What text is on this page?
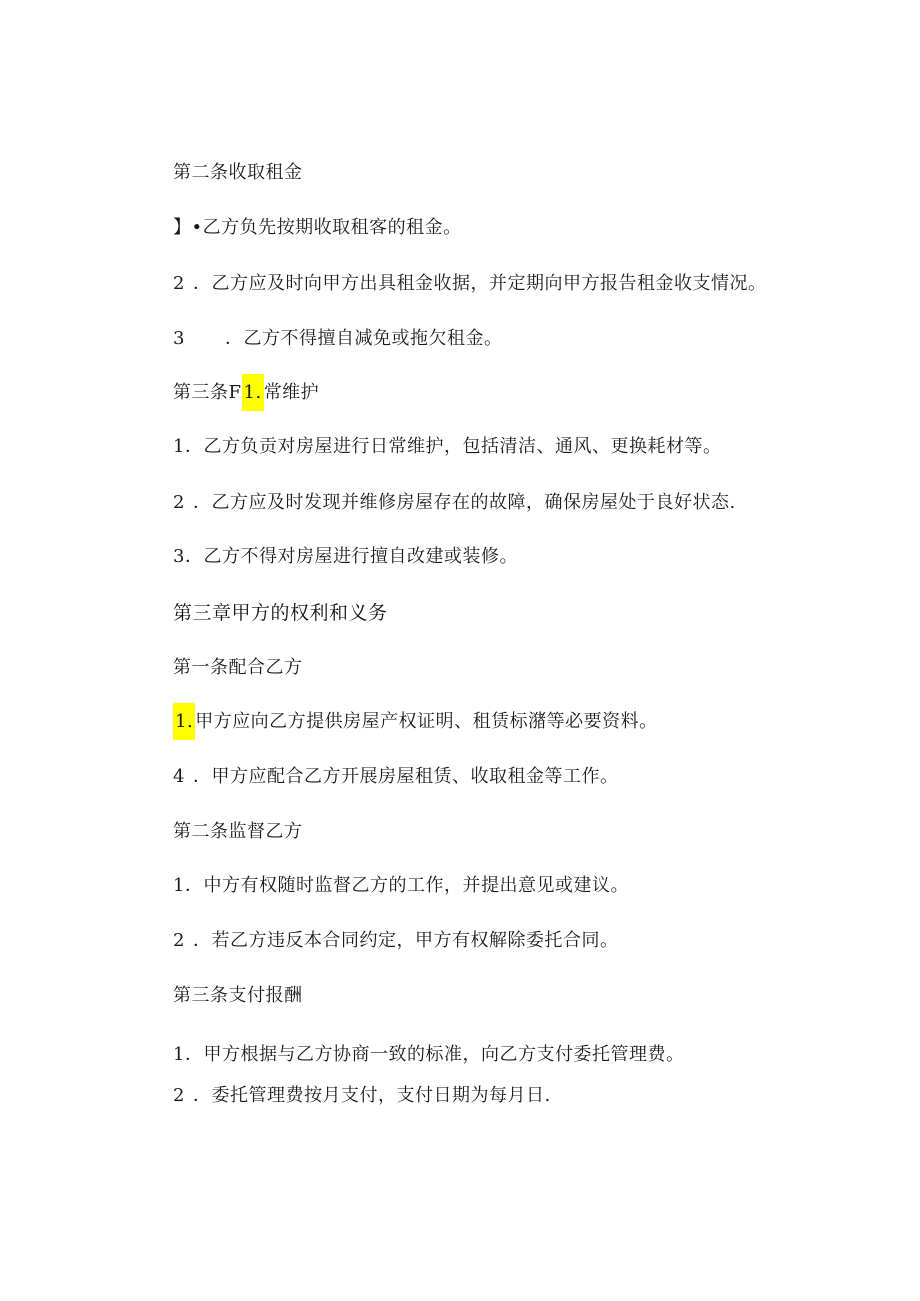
第二条收取租金
】•乙方负先按期收取租客的租金。
2 ．乙方应及时向甲方出具租金收据，并定期向甲方报告租金收支情况。
3 ．乙方不得擅自减免或拖欠租金。
第三条F 1. 常维护
1．乙方负贡对房屋进行日常维护，包括清洁、通风、更换耗材等。
2 ．乙方应及时发现并维修房屋存在的故障，确保房屋处于良好状态.
3．乙方不得对房屋进行擅自改建或装修。
第三章甲方的权利和义务
第一条配合乙方
1. 甲方应向乙方提供房屋产权证明、租赁标潴等必要资料。
4 ．甲方应配合乙方开展房屋租赁、收取租金等工作。
第二条监督乙方
1．中方有权随时监督乙方的工作，并提出意见或建议。
2 ．若乙方违反本合同约定，甲方有权解除委托合同。
第三条支付报酬
1．甲方根据与乙方协商一致的标准，向乙方支付委托管理费。
2 ．委托管理费按月支付，支付日期为每月日.
